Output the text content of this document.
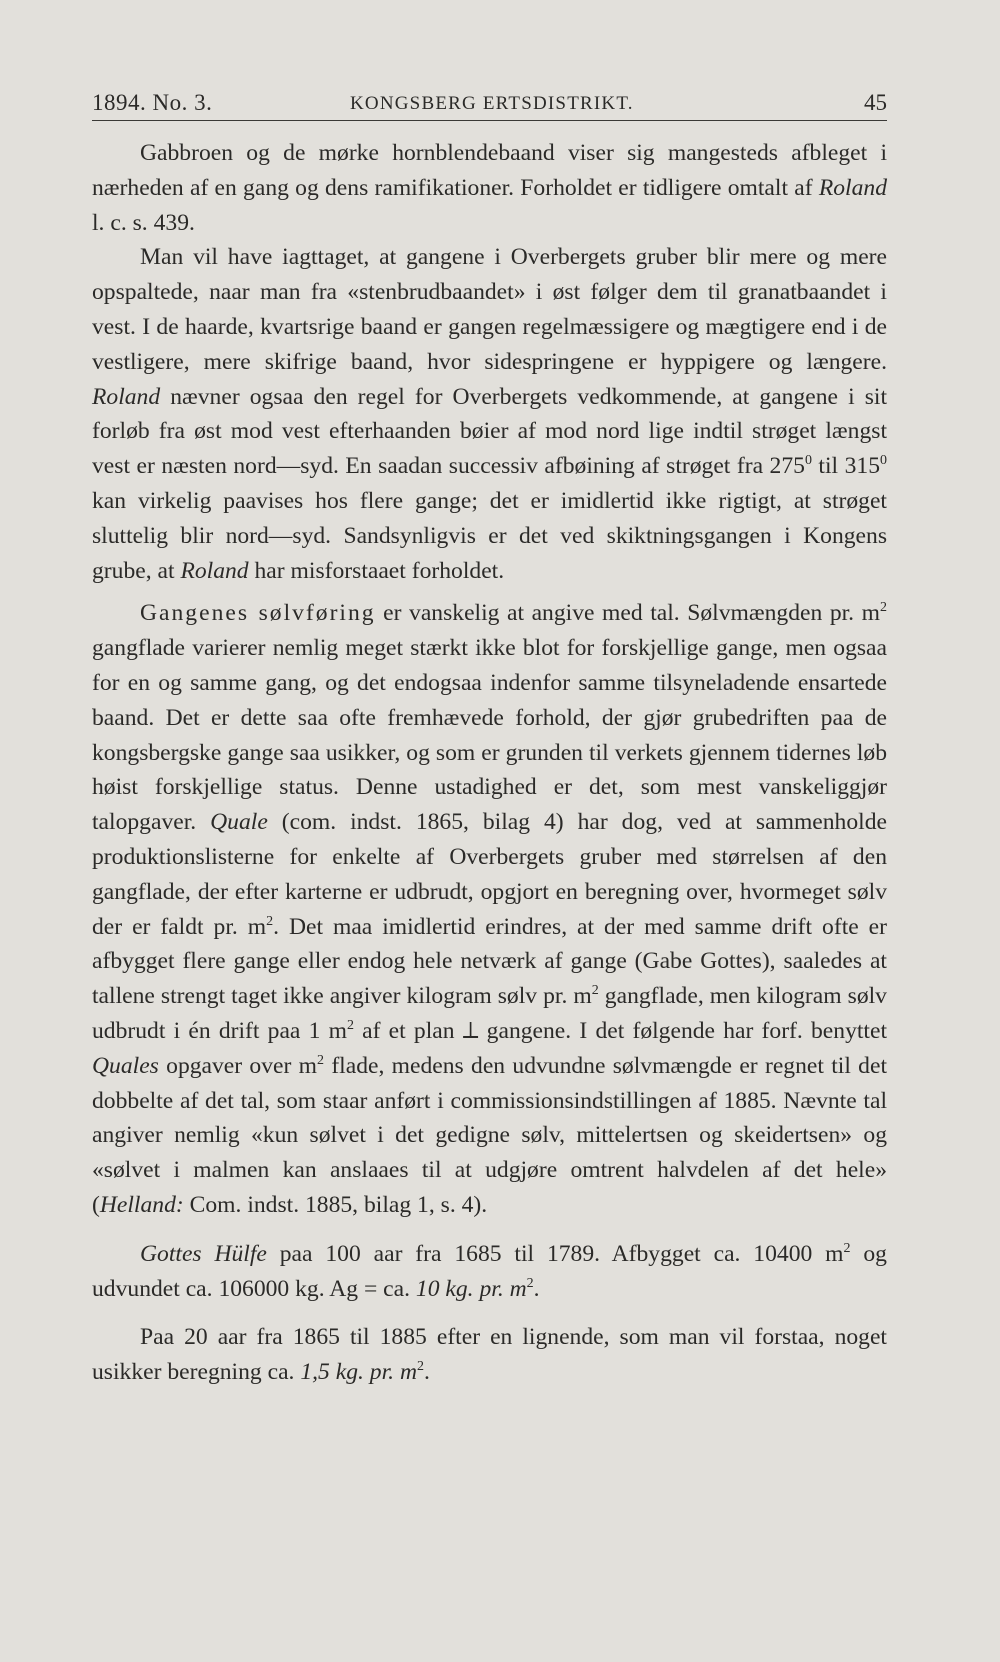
1894. No. 3.	KONGSBERG ERTSDISTRIKT.	45

Gabbroen og de mørke hornblendebaand viser sig mangesteds afbleget i nærheden af en gang og dens ramifikationer. Forholdet er tidligere omtalt af Roland l. c. s. 439.

Man vil have iagttaget, at gangene i Overbergets gruber blir mere og mere opspaltede, naar man fra «stenbrudbaandet» i øst følger dem til granatbaandet i vest. I de haarde, kvartsrige baand er gangen regelmæssigere og mægtigere end i de vestligere, mere skifrige baand, hvor sidespringene er hyppigere og længere. Roland nævner ogsaa den regel for Overbergets vedkommende, at gangene i sit forløb fra øst mod vest efterhaanden bøier af mod nord lige indtil strøget længst vest er næsten nord—syd. En saadan successiv afbøining af strøget fra $275^0$ til $315^0$ kan virkelig paavises hos flere gange; det er imidlertid ikke rigtigt, at strøget sluttelig blir nord—syd. Sandsynligvis er det ved skiktningsgangen i Kongens grube, at Roland har misforstaaet forholdet.

Gangenes sølvføring er vanskelig at angive med tal. Sølvmængden pr. $m^2$ gangflade varierer nemlig meget stærkt ikke blot for forskjellige gange, men ogsaa for en og samme gang, og det endogsaa indenfor samme tilsyneladende ensartede baand. Det er dette saa ofte fremhævede forhold, der gjør grubedriften paa de kongsbergske gange saa usikker, og som er grunden til verkets gjennem tidernes løb høist forskjellige status. Denne ustadighed er det, som mest vanskeliggjør talopgaver. Quale (com. indst. 1865, bilag 4) har dog, ved at sammenholde produktionslisterne for enkelte af Overbergets gruber med størrelsen af den gangflade, der efter karterne er udbrudt, opgjort en beregning over, hvormeget sølv der er faldt pr. $m^2$. Det maa imidlertid erindres, at der med samme drift ofte er afbygget flere gange eller endog hele netværk af gange (Gabe Gottes), saaledes at tallene strengt taget ikke angiver kilogram sølv pr. $m^2$ gangflade, men kilogram sølv udbrudt i én drift paa 1 $m^2$ af et plan ⟂ gangene. I det følgende har forf. benyttet Quales opgaver over $m^2$ flade, medens den udvundne sølvmængde er regnet til det dobbelte af det tal, som staar anført i commissionsindstillingen af 1885. Nævnte tal angiver nemlig «kun sølvet i det gedigne sølv, mittelertsen og skeidertsen» og «sølvet i malmen kan anslaaes til at udgjøre omtrent halvdelen af det hele» (Helland: Com. indst. 1885, bilag 1, s. 4).

Gottes Hülfe paa 100 aar fra 1685 til 1789. Afbygget ca. 10400 $m^2$ og udvundet ca. 106000 kg. Ag = ca. 10 kg. pr. $m^2$.

Paa 20 aar fra 1865 til 1885 efter en lignende, som man vil forstaa, noget usikker beregning ca. 1,5 kg. pr. $m^2$.
